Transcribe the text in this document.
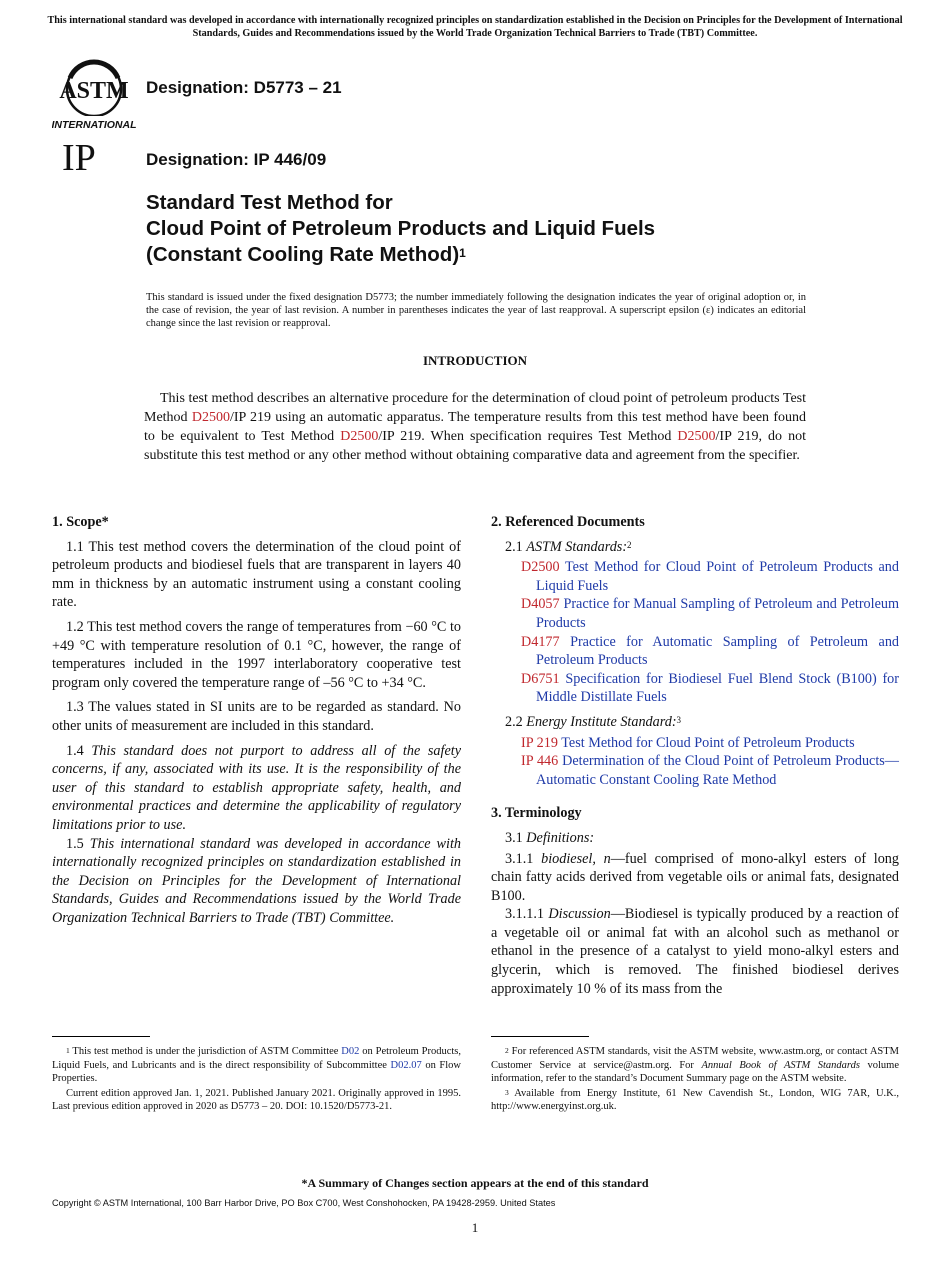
This international standard was developed in accordance with internationally recognized principles on standardization established in the Decision on Principles for the Development of International Standards, Guides and Recommendations issued by the World Trade Organization Technical Barriers to Trade (TBT) Committee.
ASTM
INTERNATIONAL
IP
Designation: D5773 – 21
Designation: IP 446/09
Standard Test Method for
Cloud Point of Petroleum Products and Liquid Fuels
(Constant Cooling Rate Method)$^1$
This standard is issued under the fixed designation D5773; the number immediately following the designation indicates the year of original adoption or, in the case of revision, the year of last revision. A number in parentheses indicates the year of last reapproval. A superscript epsilon (ε) indicates an editorial change since the last revision or reapproval.
INTRODUCTION
This test method describes an alternative procedure for the determination of cloud point of petroleum products Test Method D2500/IP 219 using an automatic apparatus. The temperature results from this test method have been found to be equivalent to Test Method D2500/IP 219. When specification requires Test Method D2500/IP 219, do not substitute this test method or any other method without obtaining comparative data and agreement from the specifier.
1. Scope*

1.1 This test method covers the determination of the cloud point of petroleum products and biodiesel fuels that are transparent in layers 40 mm in thickness by an automatic instrument using a constant cooling rate.

1.2 This test method covers the range of temperatures from −60 °C to +49 °C with temperature resolution of 0.1 °C, however, the range of temperatures included in the 1997 interlaboratory cooperative test program only covered the temperature range of –56 °C to +34 °C.

1.3 The values stated in SI units are to be regarded as standard. No other units of measurement are included in this standard.

1.4 This standard does not purport to address all of the safety concerns, if any, associated with its use. It is the responsibility of the user of this standard to establish appropriate safety, health, and environmental practices and determine the applicability of regulatory limitations prior to use.

1.5 This international standard was developed in accordance with internationally recognized principles on standardization established in the Decision on Principles for the Development of International Standards, Guides and Recommendations issued by the World Trade Organization Technical Barriers to Trade (TBT) Committee.

2. Referenced Documents
2.1 ASTM Standards:$^2$
D2500 Test Method for Cloud Point of Petroleum Products and Liquid Fuels
D4057 Practice for Manual Sampling of Petroleum and Petroleum Products
D4177 Practice for Automatic Sampling of Petroleum and Petroleum Products
D6751 Specification for Biodiesel Fuel Blend Stock (B100) for Middle Distillate Fuels
2.2 Energy Institute Standard:$^3$
IP 219 Test Method for Cloud Point of Petroleum Products
IP 446 Determination of the Cloud Point of Petroleum Products—Automatic Constant Cooling Rate Method
3. Terminology
3.1 Definitions:

3.1.1 biodiesel, n—fuel comprised of mono-alkyl esters of long chain fatty acids derived from vegetable oils or animal fats, designated B100.

3.1.1.1 Discussion—Biodiesel is typically produced by a reaction of a vegetable oil or animal fat with an alcohol such as methanol or ethanol in the presence of a catalyst to yield mono-alkyl esters and glycerin, which is removed. The finished biodiesel derives approximately 10 % of its mass from the

$^1$ This test method is under the jurisdiction of ASTM Committee D02 on Petroleum Products, Liquid Fuels, and Lubricants and is the direct responsibility of Subcommittee D02.07 on Flow Properties.

Current edition approved Jan. 1, 2021. Published January 2021. Originally approved in 1995. Last previous edition approved in 2020 as D5773 – 20. DOI: 10.1520/D5773-21.

$^2$ For referenced ASTM standards, visit the ASTM website, www.astm.org, or contact ASTM Customer Service at service@astm.org. For Annual Book of ASTM Standards volume information, refer to the standard’s Document Summary page on the ASTM website.

$^3$ Available from Energy Institute, 61 New Cavendish St., London, WIG 7AR, U.K., http://www.energyinst.org.uk.

*A Summary of Changes section appears at the end of this standard
Copyright © ASTM International, 100 Barr Harbor Drive, PO Box C700, West Conshohocken, PA 19428-2959. United States
1
